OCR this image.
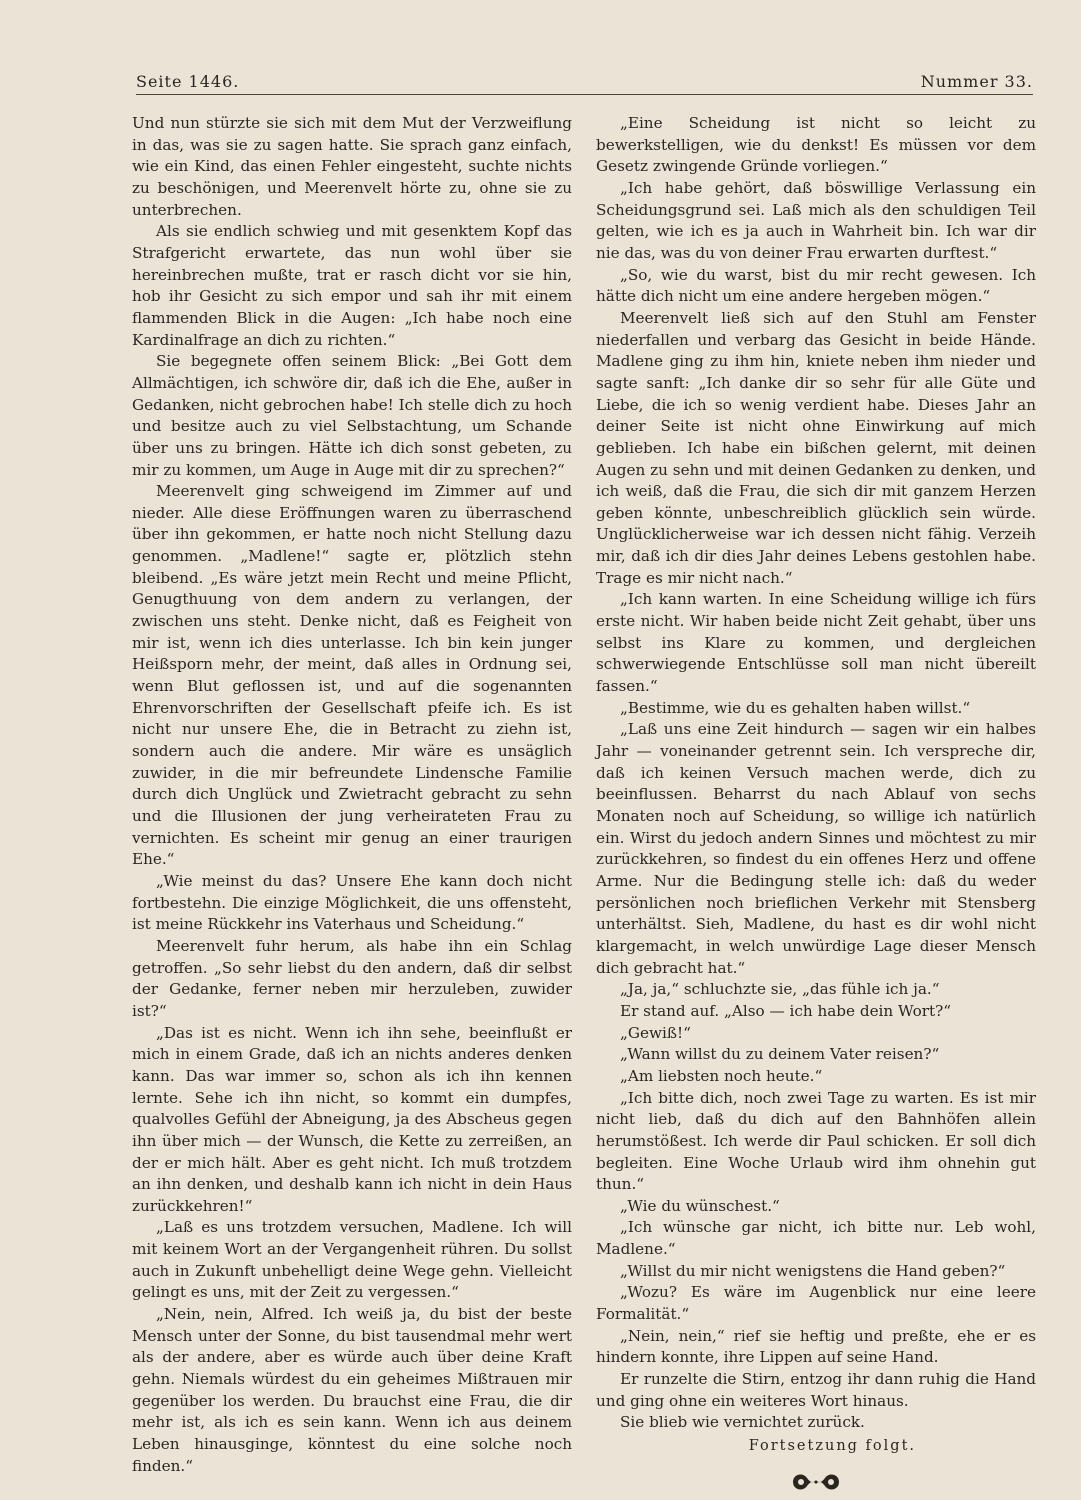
Seite 1446.	Nummer 33.

Und nun stürzte sie sich mit dem Mut der Verzweiflung in das, was sie zu sagen hatte. Sie sprach ganz einfach, wie ein Kind, das einen Fehler eingesteht, suchte nichts zu beschönigen, und Meerenvelt hörte zu, ohne sie zu unterbrechen.

Als sie endlich schwieg und mit gesenktem Kopf das Strafgericht erwartete, das nun wohl über sie hereinbrechen mußte, trat er rasch dicht vor sie hin, hob ihr Gesicht zu sich empor und sah ihr mit einem flammenden Blick in die Augen: „Ich habe noch eine Kardinalfrage an dich zu richten.“

Sie begegnete offen seinem Blick: „Bei Gott dem Allmächtigen, ich schwöre dir, daß ich die Ehe, außer in Gedanken, nicht gebrochen habe! Ich stelle dich zu hoch und besitze auch zu viel Selbstachtung, um Schande über uns zu bringen. Hätte ich dich sonst gebeten, zu mir zu kommen, um Auge in Auge mit dir zu sprechen?“

Meerenvelt ging schweigend im Zimmer auf und nieder. Alle diese Eröffnungen waren zu überraschend über ihn gekommen, er hatte noch nicht Stellung dazu genommen. „Madlene!“ sagte er, plötzlich stehn bleibend. „Es wäre jetzt mein Recht und meine Pflicht, Genugthuung von dem andern zu verlangen, der zwischen uns steht. Denke nicht, daß es Feigheit von mir ist, wenn ich dies unterlasse. Ich bin kein junger Heißsporn mehr, der meint, daß alles in Ordnung sei, wenn Blut geflossen ist, und auf die sogenannten Ehrenvorschriften der Gesellschaft pfeife ich. Es ist nicht nur unsere Ehe, die in Betracht zu ziehn ist, sondern auch die andere. Mir wäre es unsäglich zuwider, in die mir befreundete Lindensche Familie durch dich Unglück und Zwietracht gebracht zu sehn und die Illusionen der jung verheirateten Frau zu vernichten. Es scheint mir genug an einer traurigen Ehe.“

„Wie meinst du das? Unsere Ehe kann doch nicht fortbestehn. Die einzige Möglichkeit, die uns offensteht, ist meine Rückkehr ins Vaterhaus und Scheidung.“

Meerenvelt fuhr herum, als habe ihn ein Schlag getroffen. „So sehr liebst du den andern, daß dir selbst der Gedanke, ferner neben mir herzuleben, zuwider ist?“

„Das ist es nicht. Wenn ich ihn sehe, beeinflußt er mich in einem Grade, daß ich an nichts anderes denken kann. Das war immer so, schon als ich ihn kennen lernte. Sehe ich ihn nicht, so kommt ein dumpfes, qualvolles Gefühl der Abneigung, ja des Abscheus gegen ihn über mich — der Wunsch, die Kette zu zerreißen, an der er mich hält. Aber es geht nicht. Ich muß trotzdem an ihn denken, und deshalb kann ich nicht in dein Haus zurückkehren!“

„Laß es uns trotzdem versuchen, Madlene. Ich will mit keinem Wort an der Vergangenheit rühren. Du sollst auch in Zukunft unbehelligt deine Wege gehn. Vielleicht gelingt es uns, mit der Zeit zu vergessen.“

„Nein, nein, Alfred. Ich weiß ja, du bist der beste Mensch unter der Sonne, du bist tausendmal mehr wert als der andere, aber es würde auch über deine Kraft gehn. Niemals würdest du ein geheimes Mißtrauen mir gegenüber los werden. Du brauchst eine Frau, die dir mehr ist, als ich es sein kann. Wenn ich aus deinem Leben hinausginge, könntest du eine solche noch finden.“

„Eine Scheidung ist nicht so leicht zu bewerkstelligen, wie du denkst! Es müssen vor dem Gesetz zwingende Gründe vorliegen.“

„Ich habe gehört, daß böswillige Verlassung ein Scheidungsgrund sei. Laß mich als den schuldigen Teil gelten, wie ich es ja auch in Wahrheit bin. Ich war dir nie das, was du von deiner Frau erwarten durftest.“

„So, wie du warst, bist du mir recht gewesen. Ich hätte dich nicht um eine andere hergeben mögen.“

Meerenvelt ließ sich auf den Stuhl am Fenster niederfallen und verbarg das Gesicht in beide Hände. Madlene ging zu ihm hin, kniete neben ihm nieder und sagte sanft: „Ich danke dir so sehr für alle Güte und Liebe, die ich so wenig verdient habe. Dieses Jahr an deiner Seite ist nicht ohne Einwirkung auf mich geblieben. Ich habe ein bißchen gelernt, mit deinen Augen zu sehn und mit deinen Gedanken zu denken, und ich weiß, daß die Frau, die sich dir mit ganzem Herzen geben könnte, unbeschreiblich glücklich sein würde. Unglücklicherweise war ich dessen nicht fähig. Verzeih mir, daß ich dir dies Jahr deines Lebens gestohlen habe. Trage es mir nicht nach.“

„Ich kann warten. In eine Scheidung willige ich fürs erste nicht. Wir haben beide nicht Zeit gehabt, über uns selbst ins Klare zu kommen, und dergleichen schwerwiegende Entschlüsse soll man nicht übereilt fassen.“

„Bestimme, wie du es gehalten haben willst.“

„Laß uns eine Zeit hindurch — sagen wir ein halbes Jahr — voneinander getrennt sein. Ich verspreche dir, daß ich keinen Versuch machen werde, dich zu beeinflussen. Beharrst du nach Ablauf von sechs Monaten noch auf Scheidung, so willige ich natürlich ein. Wirst du jedoch andern Sinnes und möchtest zu mir zurückkehren, so findest du ein offenes Herz und offene Arme. Nur die Bedingung stelle ich: daß du weder persönlichen noch brieflichen Verkehr mit Stensberg unterhältst. Sieh, Madlene, du hast es dir wohl nicht klargemacht, in welch unwürdige Lage dieser Mensch dich gebracht hat.“

„Ja, ja,“ schluchzte sie, „das fühle ich ja.“

Er stand auf. „Also — ich habe dein Wort?“

„Gewiß!“

„Wann willst du zu deinem Vater reisen?“

„Am liebsten noch heute.“

„Ich bitte dich, noch zwei Tage zu warten. Es ist mir nicht lieb, daß du dich auf den Bahnhöfen allein herumstößest. Ich werde dir Paul schicken. Er soll dich begleiten. Eine Woche Urlaub wird ihm ohnehin gut thun.“

„Wie du wünschest.“

„Ich wünsche gar nicht, ich bitte nur. Leb wohl, Madlene.“

„Willst du mir nicht wenigstens die Hand geben?“

„Wozu? Es wäre im Augenblick nur eine leere Formalität.“

„Nein, nein,“ rief sie heftig und preßte, ehe er es hindern konnte, ihre Lippen auf seine Hand.

Er runzelte die Stirn, entzog ihr dann ruhig die Hand und ging ohne ein weiteres Wort hinaus.

Sie blieb wie vernichtet zurück.

Fortsetzung folgt.
